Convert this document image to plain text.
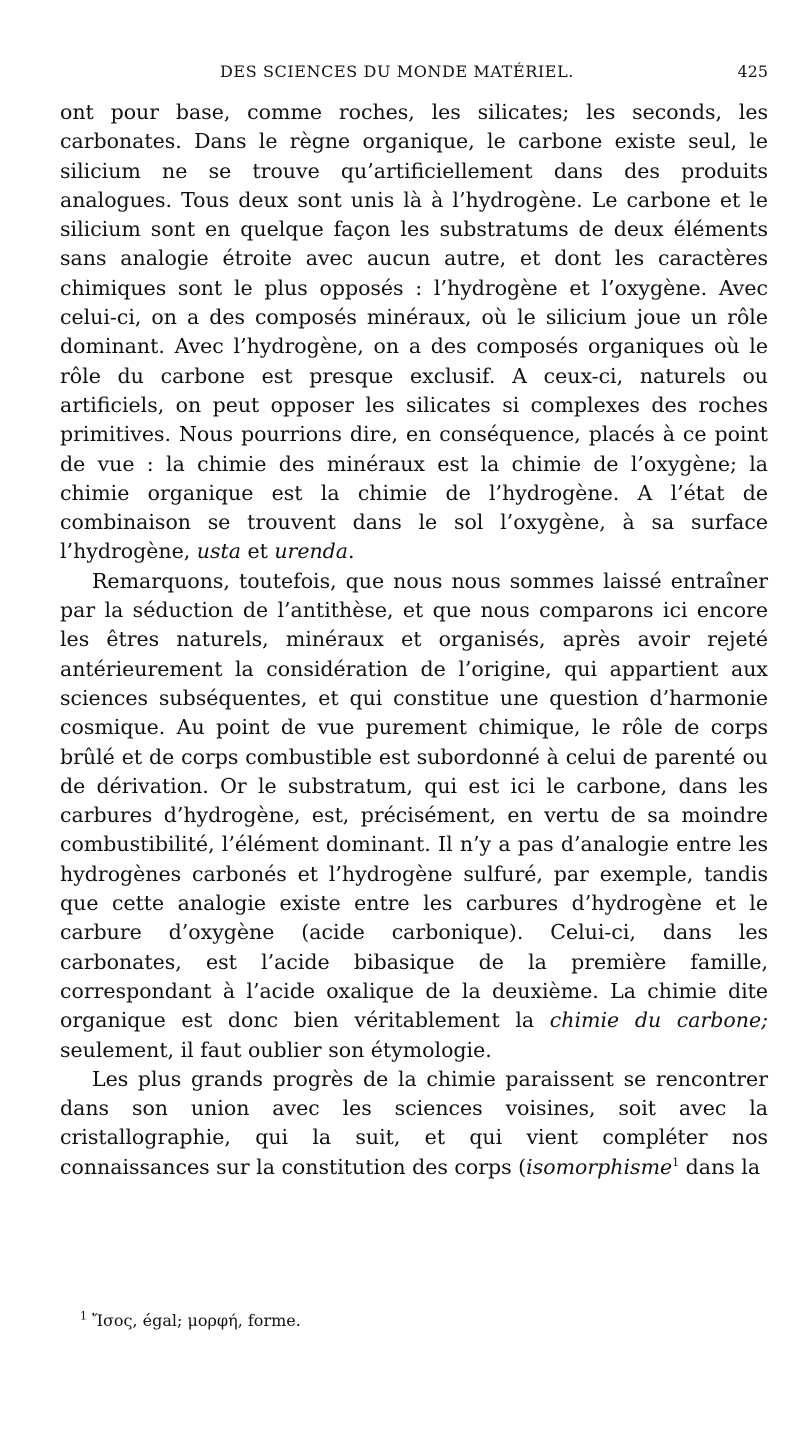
DES SCIENCES DU MONDE MATÉRIEL.	425

ont pour base, comme roches, les silicates; les seconds, les carbonates. Dans le règne organique, le carbone existe seul, le silicium ne se trouve qu’artificiellement dans des produits analogues. Tous deux sont unis là à l’hydrogène. Le carbone et le silicium sont en quelque façon les substratums de deux éléments sans analogie étroite avec aucun autre, et dont les caractères chimiques sont le plus opposés : l’hydrogène et l’oxygène. Avec celui-ci, on a des composés minéraux, où le silicium joue un rôle dominant. Avec l’hydrogène, on a des composés organiques où le rôle du carbone est presque exclusif. A ceux-ci, naturels ou artificiels, on peut opposer les silicates si complexes des roches primitives. Nous pourrions dire, en conséquence, placés à ce point de vue : la chimie des minéraux est la chimie de l’oxygène; la chimie organique est la chimie de l’hydrogène. A l’état de combinaison se trouvent dans le sol l’oxygène, à sa surface l’hydrogène, usta et urenda.

Remarquons, toutefois, que nous nous sommes laissé entraîner par la séduction de l’antithèse, et que nous comparons ici encore les êtres naturels, minéraux et organisés, après avoir rejeté antérieurement la considération de l’origine, qui appartient aux sciences subséquentes, et qui constitue une question d’harmonie cosmique. Au point de vue purement chimique, le rôle de corps brûlé et de corps combustible est subordonné à celui de parenté ou de dérivation. Or le substratum, qui est ici le carbone, dans les carbures d’hydrogène, est, précisément, en vertu de sa moindre combustibilité, l’élément dominant. Il n’y a pas d’analogie entre les hydrogènes carbonés et l’hydrogène sulfuré, par exemple, tandis que cette analogie existe entre les carbures d’hydrogène et le carbure d’oxygène (acide carbonique). Celui-ci, dans les carbonates, est l’acide bibasique de la première famille, correspondant à l’acide oxalique de la deuxième. La chimie dite organique est donc bien véritablement la chimie du carbone; seulement, il faut oublier son étymologie.

Les plus grands progrès de la chimie paraissent se rencontrer dans son union avec les sciences voisines, soit avec la cristallographie, qui la suit, et qui vient compléter nos connaissances sur la constitution des corps (isomorphisme$^1$ dans la

$^1$ Ἴσος, égal; μορφή, forme.
